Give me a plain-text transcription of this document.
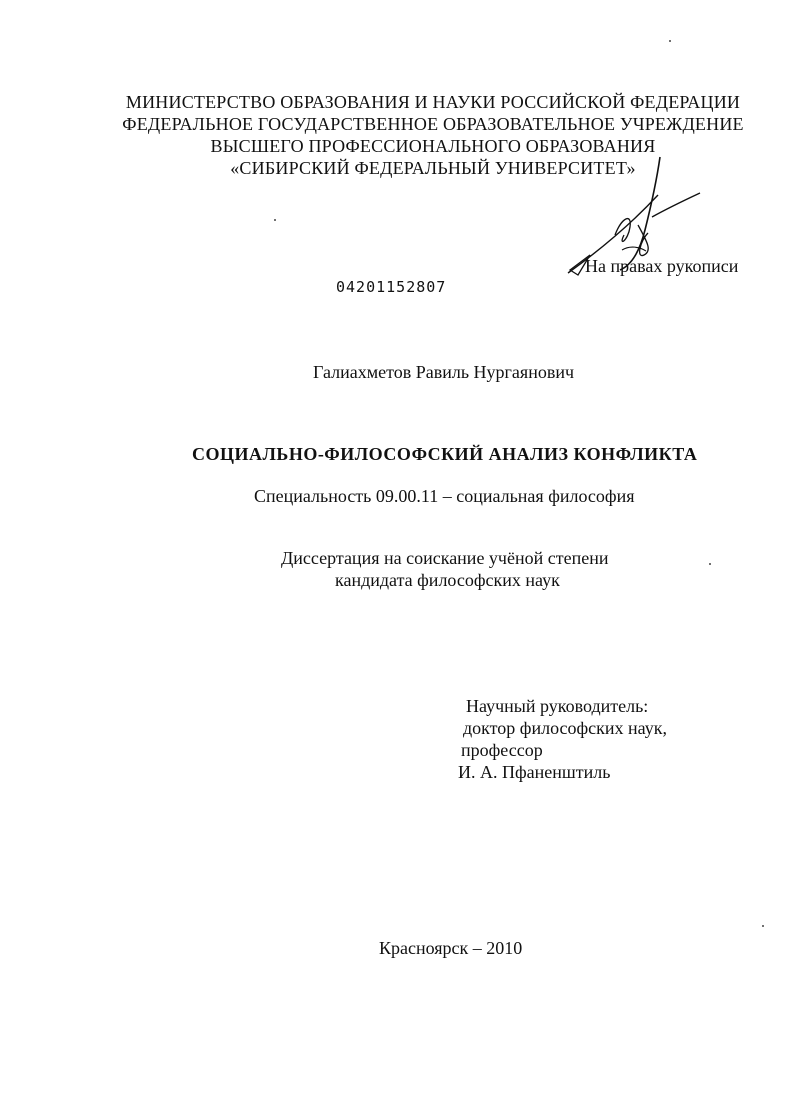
МИНИСТЕРСТВО ОБРАЗОВАНИЯ И НАУКИ РОССИЙСКОЙ ФЕДЕРАЦИИ
ФЕДЕРАЛЬНОЕ ГОСУДАРСТВЕННОЕ ОБРАЗОВАТЕЛЬНОЕ УЧРЕЖДЕНИЕ
ВЫСШЕГО ПРОФЕССИОНАЛЬНОГО ОБРАЗОВАНИЯ
«СИБИРСКИЙ ФЕДЕРАЛЬНЫЙ УНИВЕРСИТЕТ»
На правах рукописи
04201152807
Галиахметов Равиль Нургаянович
СОЦИАЛЬНО-ФИЛОСОФСКИЙ АНАЛИЗ КОНФЛИКТА
Специальность 09.00.11 – социальная философия
Диссертация на соискание учёной степени
кандидата философских наук
Научный руководитель:
доктор философских наук,
профессор
И. А. Пфаненштиль
Красноярск – 2010
